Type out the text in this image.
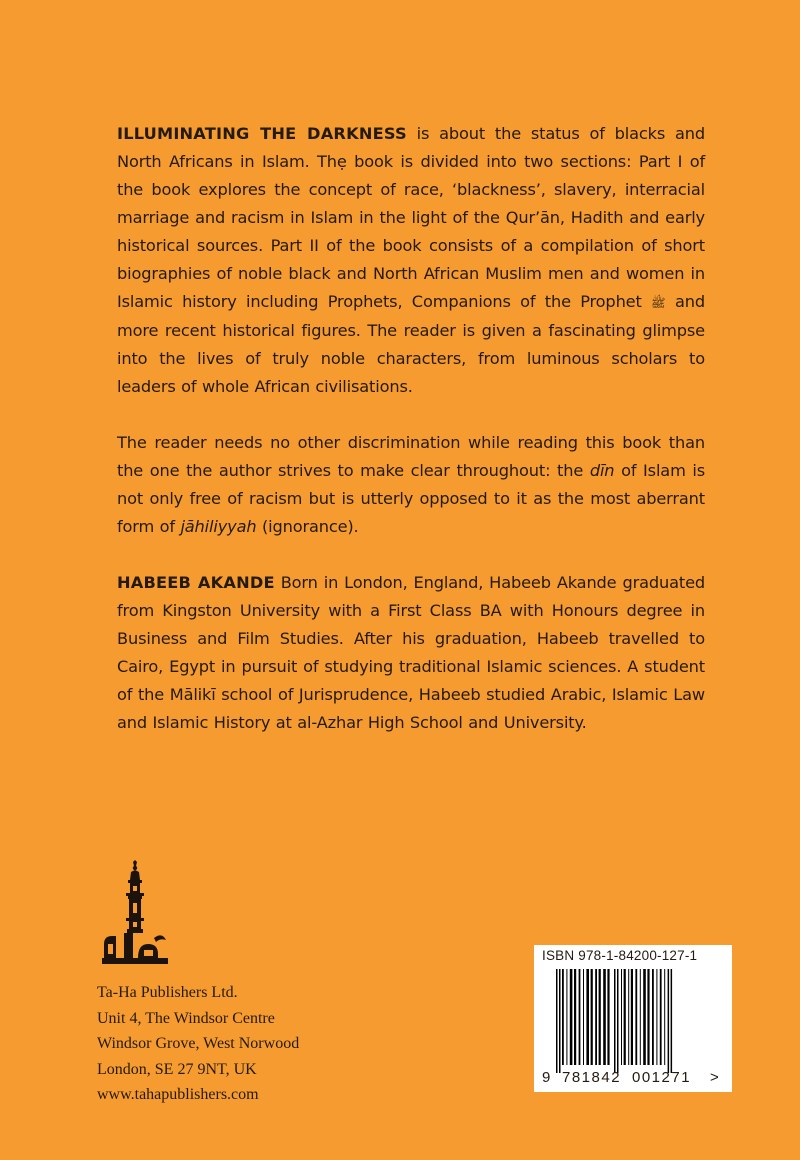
ILLUMINATING THE DARKNESS is about the status of blacks and North Africans in Islam. Thẹ book is divided into two sections: Part I of the book explores the concept of race, ‘blackness’, slavery, interracial marriage and racism in Islam in the light of the Qur’ān, Hadith and early historical sources. Part II of the book consists of a compilation of short biographies of noble black and North African Muslim men and women in Islamic history including Prophets, Companions of the Prophet ﷺ and more recent historical figures. The reader is given a fascinating glimpse into the lives of truly noble characters, from luminous scholars to leaders of whole African civilisations.

The reader needs no other discrimination while reading this book than the one the author strives to make clear throughout: the dīn of Islam is not only free of racism but is utterly opposed to it as the most aberrant form of jāhiliyyah (ignorance).

HABEEB AKANDE Born in London, England, Habeeb Akande graduated from Kingston University with a First Class BA with Honours degree in Business and Film Studies. After his graduation, Habeeb travelled to Cairo, Egypt in pursuit of studying traditional Islamic sciences. A student of the Mālikī school of Jurisprudence, Habeeb studied Arabic, Islamic Law and Islamic History at al-Azhar High School and University.

Ta-Ha Publishers Ltd.
Unit 4, The Windsor Centre
Windsor Grove, West Norwood
London, SE 27 9NT, UK
www.tahapublishers.com
ISBN 978-1-84200-127-1
9 781842 001271 >
